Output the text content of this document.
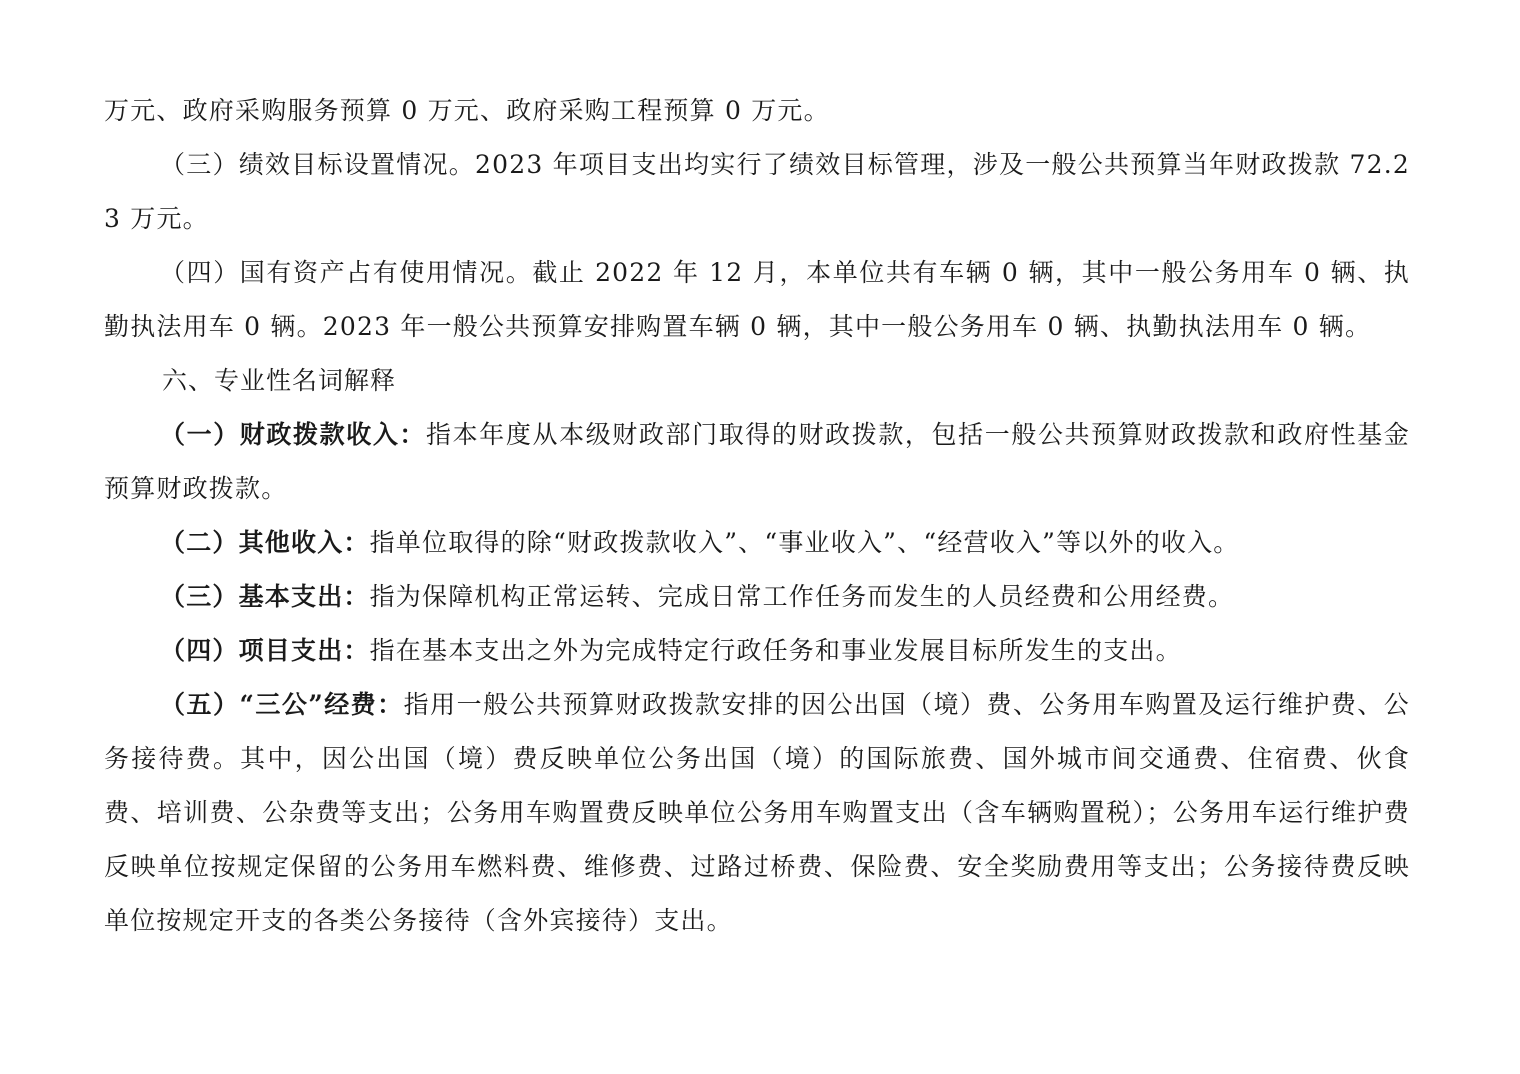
万元、政府采购服务预算 0 万元、政府采购工程预算 0 万元。

（三）绩效目标设置情况。2023 年项目支出均实行了绩效目标管理，涉及一般公共预算当年财政拨款 72.23 万元。

（四）国有资产占有使用情况。截止 2022 年 12 月，本单位共有车辆 0 辆，其中一般公务用车 0 辆、执勤执法用车 0 辆。2023 年一般公共预算安排购置车辆 0 辆，其中一般公务用车 0 辆、执勤执法用车 0 辆。

六、专业性名词解释

（一）财政拨款收入：指本年度从本级财政部门取得的财政拨款，包括一般公共预算财政拨款和政府性基金预算财政拨款。

（二）其他收入：指单位取得的除“财政拨款收入”、“事业收入”、“经营收入”等以外的收入。

（三）基本支出：指为保障机构正常运转、完成日常工作任务而发生的人员经费和公用经费。

（四）项目支出：指在基本支出之外为完成特定行政任务和事业发展目标所发生的支出。

（五）“三公”经费：指用一般公共预算财政拨款安排的因公出国（境）费、公务用车购置及运行维护费、公务接待费。其中，因公出国（境）费反映单位公务出国（境）的国际旅费、国外城市间交通费、住宿费、伙食费、培训费、公杂费等支出；公务用车购置费反映单位公务用车购置支出（含车辆购置税）；公务用车运行维护费反映单位按规定保留的公务用车燃料费、维修费、过路过桥费、保险费、安全奖励费用等支出；公务接待费反映单位按规定开支的各类公务接待（含外宾接待）支出。
